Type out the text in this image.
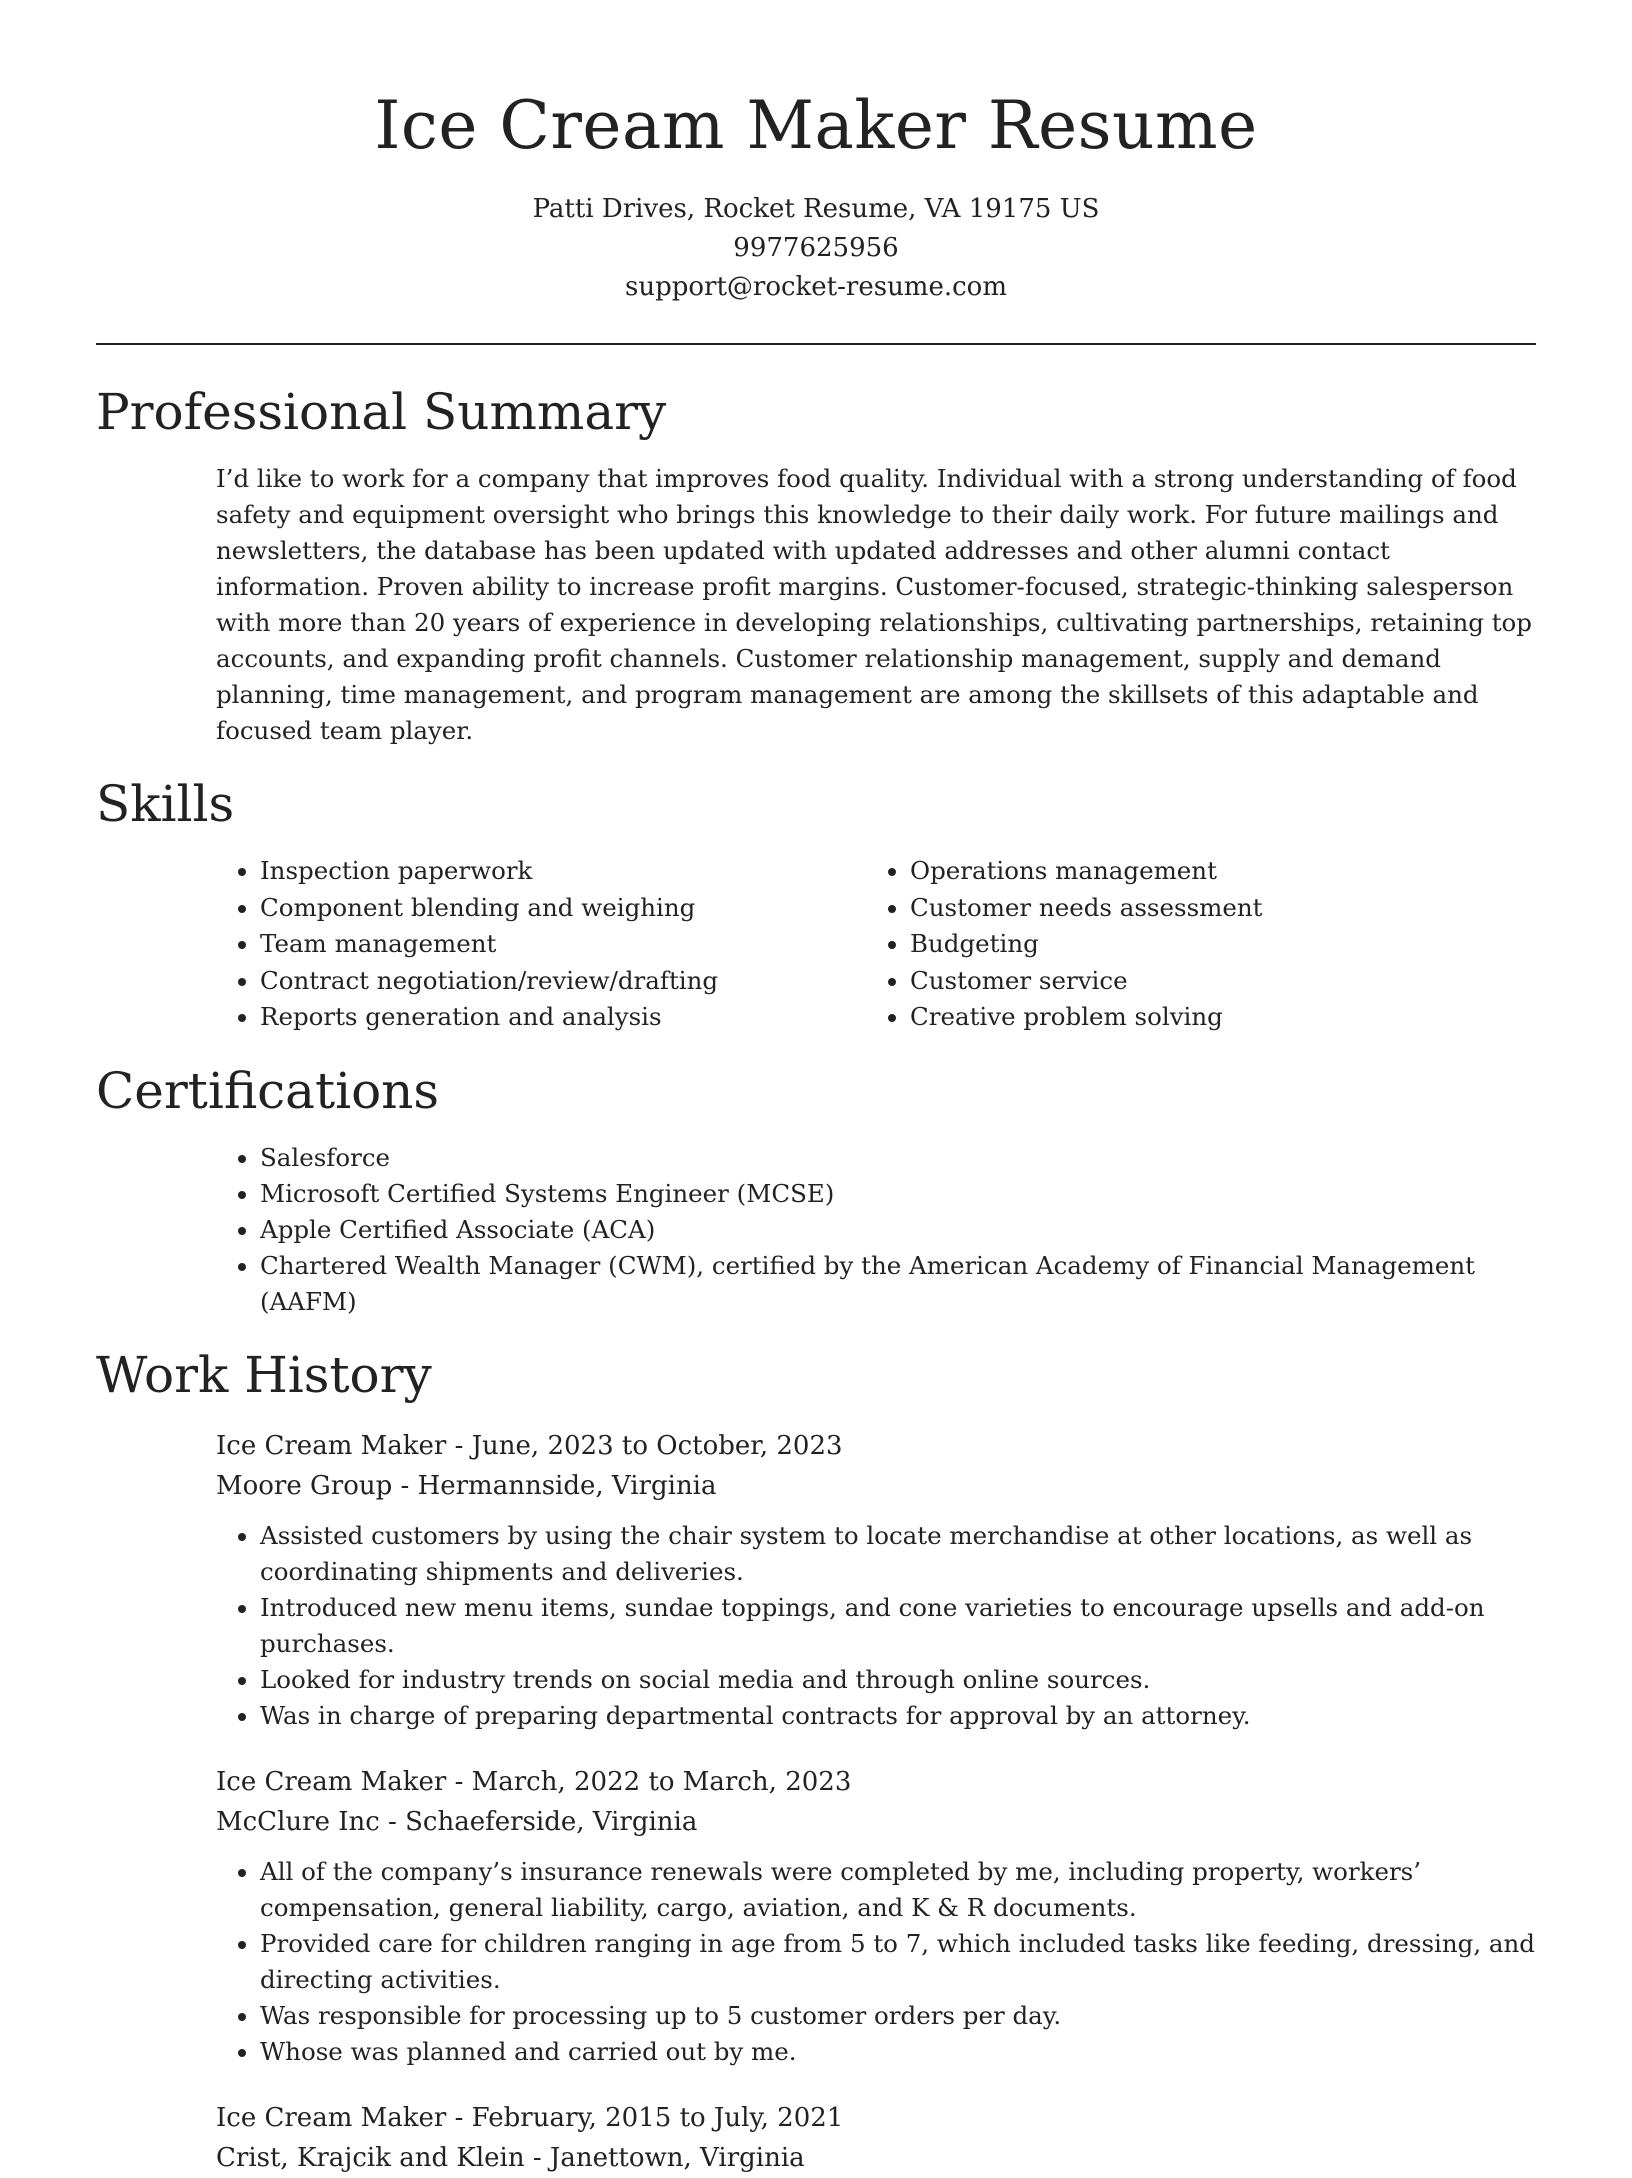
Ice Cream Maker Resume
Patti Drives, Rocket Resume, VA 19175 US
9977625956
support@rocket-resume.com
Professional Summary

I’d like to work for a company that improves food quality. Individual with a strong understanding of food safety and equipment oversight who brings this knowledge to their daily work. For future mailings and newsletters, the database has been updated with updated addresses and other alumni contact information. Proven ability to increase profit margins. Customer-focused, strategic-thinking salesperson with more than 20 years of experience in developing relationships, cultivating partnerships, retaining top accounts, and expanding profit channels. Customer relationship management, supply and demand planning, time management, and program management are among the skillsets of this adaptable and focused team player.

Skills
• Inspection paperwork
• Component blending and weighing
• Team management
• Contract negotiation/review/drafting
• Reports generation and analysis
• Operations management
• Customer needs assessment
• Budgeting
• Customer service
• Creative problem solving
Certifications
• Salesforce
• Microsoft Certified Systems Engineer (MCSE)
• Apple Certified Associate (ACA)
• Chartered Wealth Manager (CWM), certified by the American Academy of Financial Management (AAFM)
Work History
Ice Cream Maker - June, 2023 to October, 2023
Moore Group - Hermannside, Virginia
• Assisted customers by using the chair system to locate merchandise at other locations, as well as coordinating shipments and deliveries.
• Introduced new menu items, sundae toppings, and cone varieties to encourage upsells and add-on purchases.
• Looked for industry trends on social media and through online sources.
• Was in charge of preparing departmental contracts for approval by an attorney.
Ice Cream Maker - March, 2022 to March, 2023
McClure Inc - Schaeferside, Virginia
• All of the company’s insurance renewals were completed by me, including property, workers’ compensation, general liability, cargo, aviation, and K & R documents.
• Provided care for children ranging in age from 5 to 7, which included tasks like feeding, dressing, and directing activities.
• Was responsible for processing up to 5 customer orders per day.
• Whose was planned and carried out by me.
Ice Cream Maker - February, 2015 to July, 2021
Crist, Krajcik and Klein - Janettown, Virginia
